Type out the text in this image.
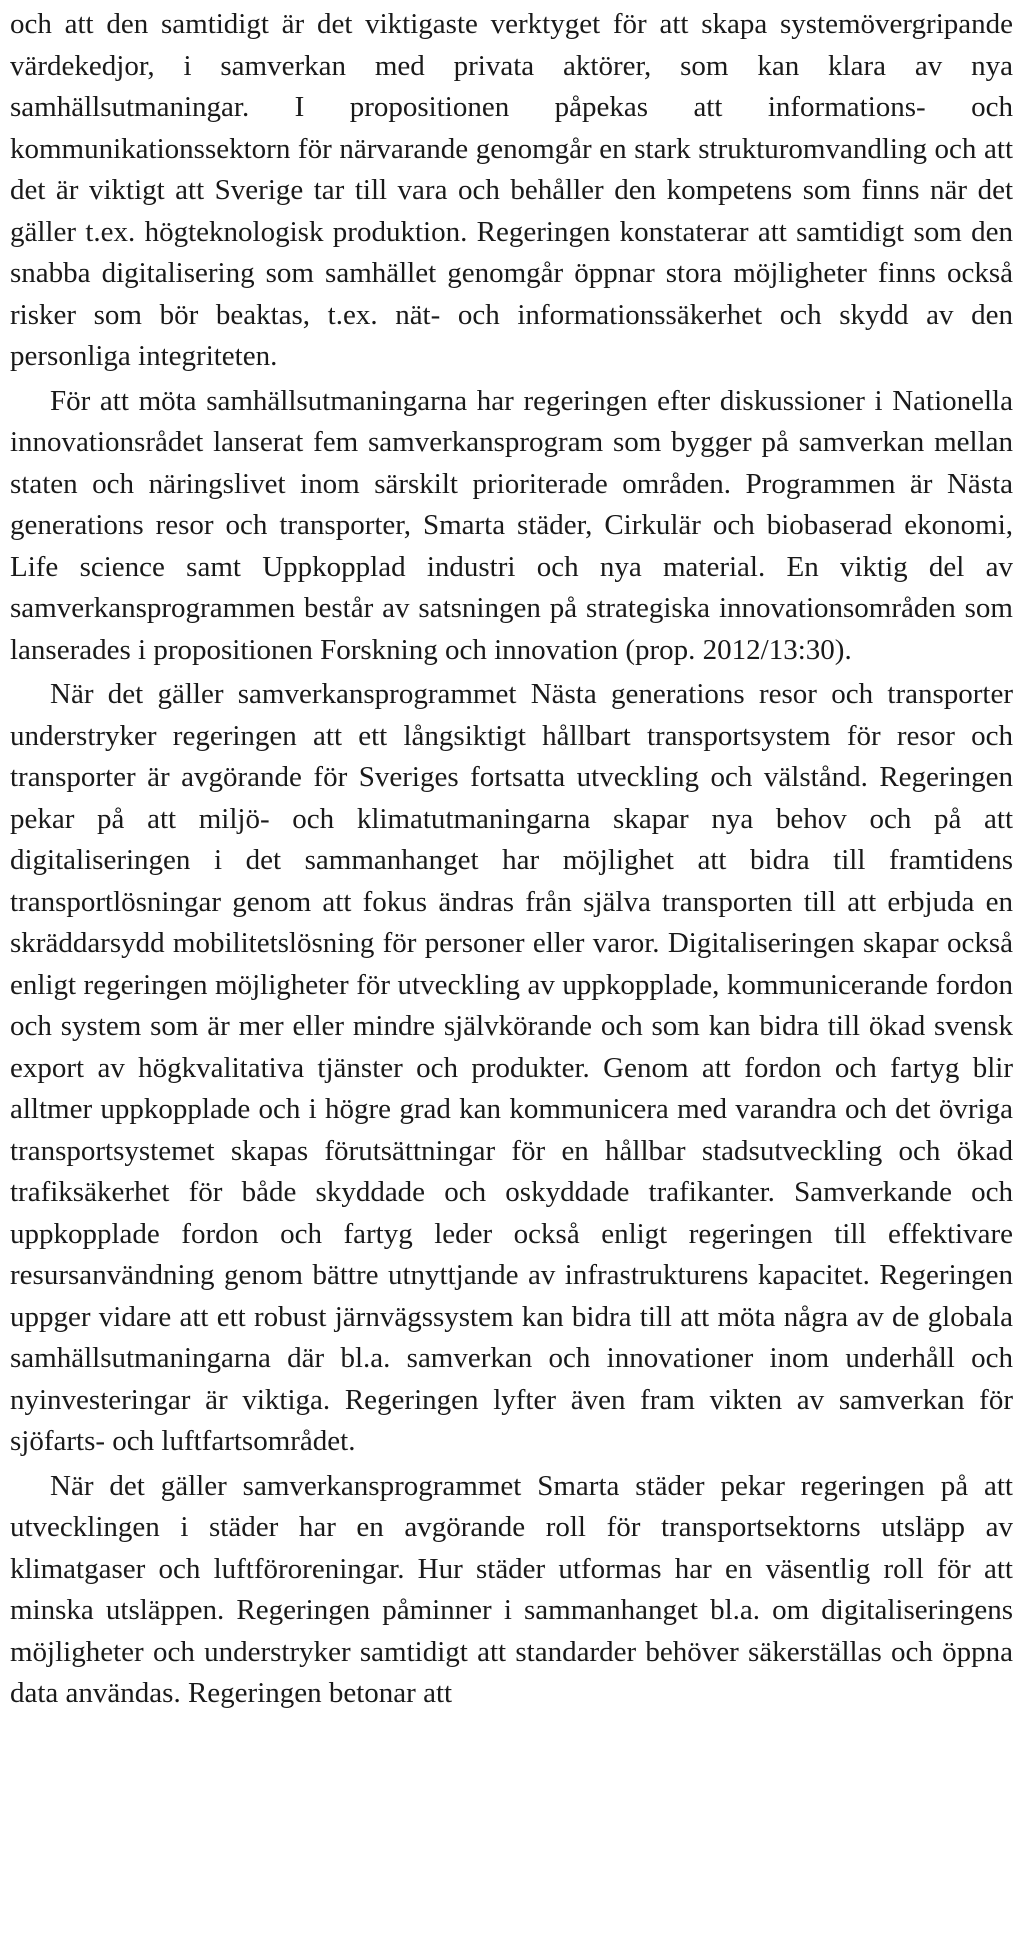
och att den samtidigt är det viktigaste verktyget för att skapa systemövergripande värdekedjor, i samverkan med privata aktörer, som kan klara av nya samhällsutmaningar. I propositionen påpekas att informations- och kommunikationssektorn för närvarande genomgår en stark strukturomvandling och att det är viktigt att Sverige tar till vara och behåller den kompetens som finns när det gäller t.ex. högteknologisk produktion. Regeringen konstaterar att samtidigt som den snabba digitalisering som samhället genomgår öppnar stora möjligheter finns också risker som bör beaktas, t.ex. nät- och informationssäkerhet och skydd av den personliga integriteten.

För att möta samhällsutmaningarna har regeringen efter diskussioner i Nationella innovationsrådet lanserat fem samverkansprogram som bygger på samverkan mellan staten och näringslivet inom särskilt prioriterade områden. Programmen är Nästa generations resor och transporter, Smarta städer, Cirkulär och biobaserad ekonomi, Life science samt Uppkopplad industri och nya material. En viktig del av samverkansprogrammen består av satsningen på strategiska innovationsområden som lanserades i propositionen Forskning och innovation (prop. 2012/13:30).

När det gäller samverkansprogrammet Nästa generations resor och transporter understryker regeringen att ett långsiktigt hållbart transportsystem för resor och transporter är avgörande för Sveriges fortsatta utveckling och välstånd. Regeringen pekar på att miljö- och klimatutmaningarna skapar nya behov och på att digitaliseringen i det sammanhanget har möjlighet att bidra till framtidens transportlösningar genom att fokus ändras från själva transporten till att erbjuda en skräddarsydd mobilitetslösning för personer eller varor. Digitaliseringen skapar också enligt regeringen möjligheter för utveckling av uppkopplade, kommunicerande fordon och system som är mer eller mindre självkörande och som kan bidra till ökad svensk export av högkvalitativa tjänster och produkter. Genom att fordon och fartyg blir alltmer uppkopplade och i högre grad kan kommunicera med varandra och det övriga transportsystemet skapas förutsättningar för en hållbar stadsutveckling och ökad trafiksäkerhet för både skyddade och oskyddade trafikanter. Samverkande och uppkopplade fordon och fartyg leder också enligt regeringen till effektivare resursanvändning genom bättre utnyttjande av infrastrukturens kapacitet. Regeringen uppger vidare att ett robust järnvägssystem kan bidra till att möta några av de globala samhällsutmaningarna där bl.a. samverkan och innovationer inom underhåll och nyinvesteringar är viktiga. Regeringen lyfter även fram vikten av samverkan för sjöfarts- och luftfartsområdet.

När det gäller samverkansprogrammet Smarta städer pekar regeringen på att utvecklingen i städer har en avgörande roll för transportsektorns utsläpp av klimatgaser och luftföroreningar. Hur städer utformas har en väsentlig roll för att minska utsläppen. Regeringen påminner i sammanhanget bl.a. om digitaliseringens möjligheter och understryker samtidigt att standarder behöver säkerställas och öppna data användas. Regeringen betonar att
